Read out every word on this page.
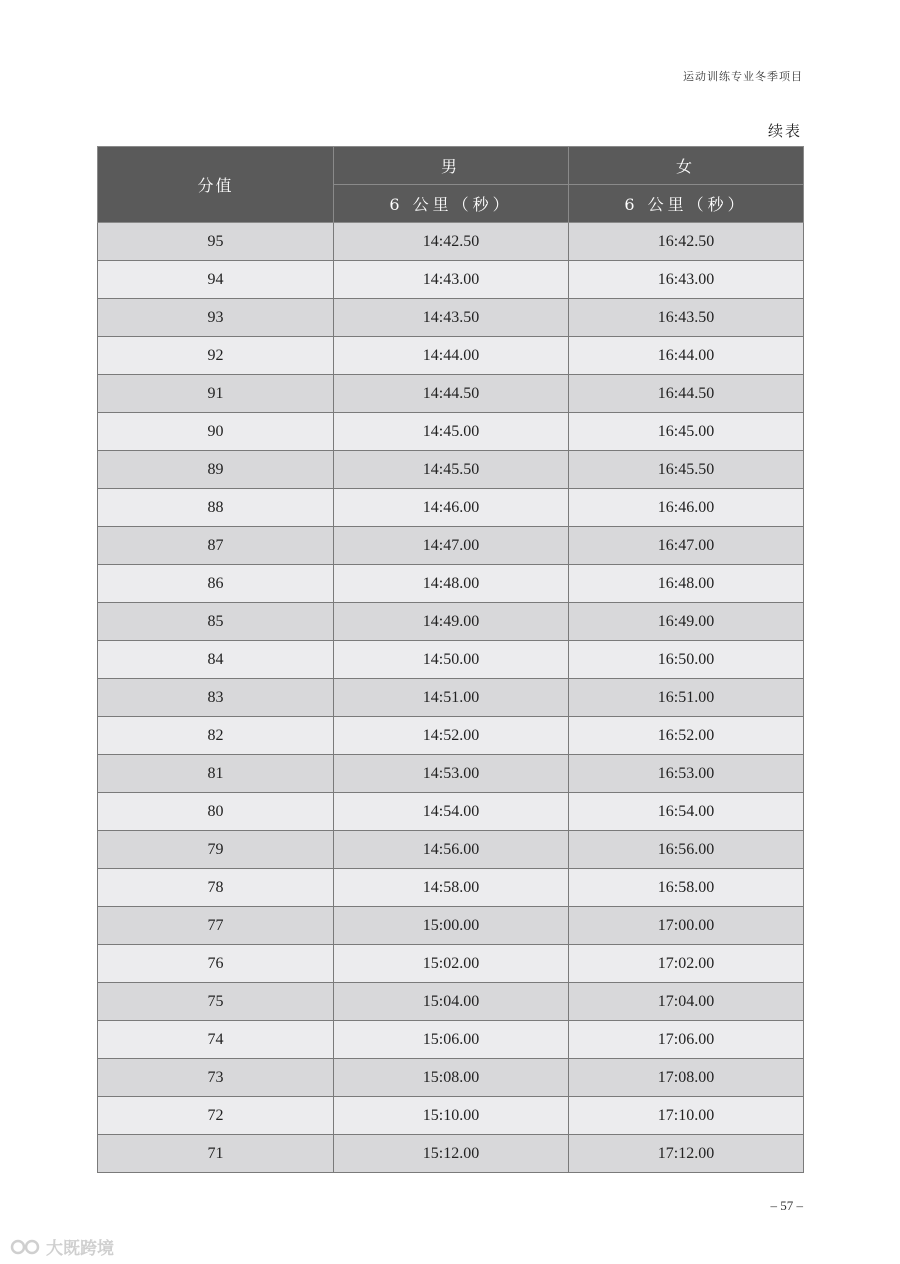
运动训练专业冬季项目
续表
分值	男	女
	6 公里（秒）	6 公里（秒）
95	14:42.50	16:42.50
94	14:43.00	16:43.00
93	14:43.50	16:43.50
92	14:44.00	16:44.00
91	14:44.50	16:44.50
90	14:45.00	16:45.00
89	14:45.50	16:45.50
88	14:46.00	16:46.00
87	14:47.00	16:47.00
86	14:48.00	16:48.00
85	14:49.00	16:49.00
84	14:50.00	16:50.00
83	14:51.00	16:51.00
82	14:52.00	16:52.00
81	14:53.00	16:53.00
80	14:54.00	16:54.00
79	14:56.00	16:56.00
78	14:58.00	16:58.00
77	15:00.00	17:00.00
76	15:02.00	17:02.00
75	15:04.00	17:04.00
74	15:06.00	17:06.00
73	15:08.00	17:08.00
72	15:10.00	17:10.00
71	15:12.00	17:12.00
– 57 –
大既跨境
